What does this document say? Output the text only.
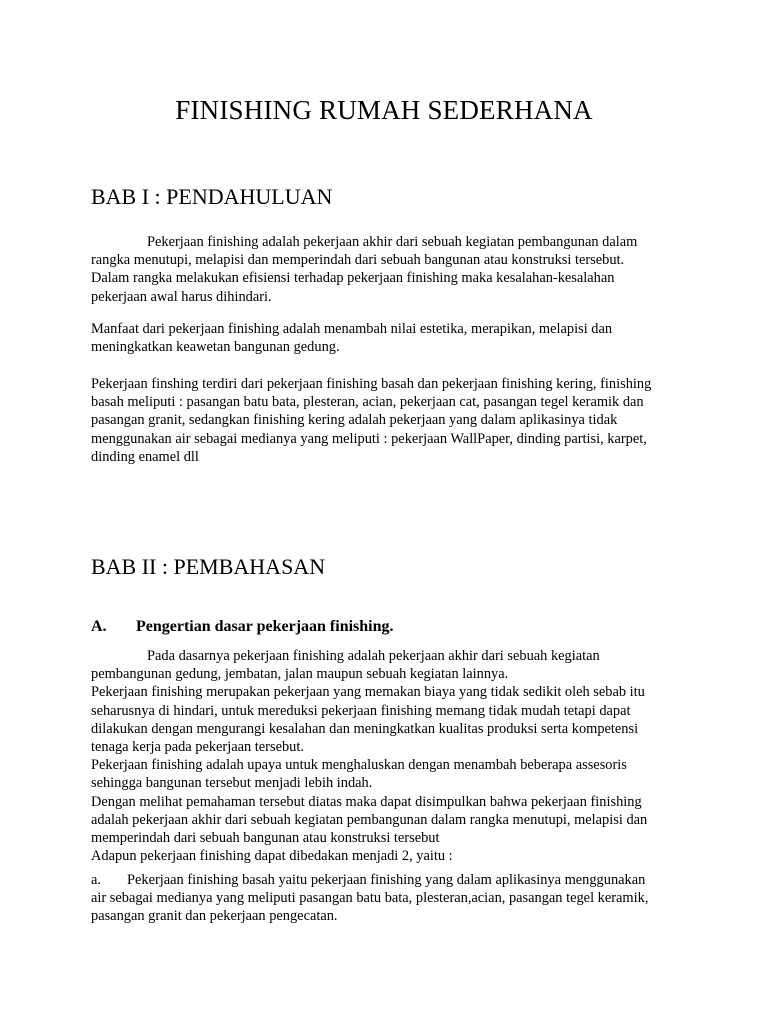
FINISHING RUMAH SEDERHANA
BAB I : PENDAHULUAN

Pekerjaan finishing adalah pekerjaan akhir dari sebuah kegiatan pembangunan dalam
rangka menutupi, melapisi dan memperindah dari sebuah bangunan atau konstruksi tersebut.
Dalam rangka melakukan efisiensi terhadap pekerjaan finishing maka kesalahan-kesalahan
pekerjaan awal harus dihindari.

Manfaat dari pekerjaan finishing adalah menambah nilai estetika, merapikan, melapisi dan
meningkatkan keawetan bangunan gedung.

Pekerjaan finshing terdiri dari pekerjaan finishing basah dan pekerjaan finishing kering, finishing
basah meliputi : pasangan batu bata, plesteran, acian, pekerjaan cat, pasangan tegel keramik dan
pasangan granit, sedangkan finishing kering adalah pekerjaan yang dalam aplikasinya tidak
menggunakan air sebagai medianya yang meliputi : pekerjaan WallPaper, dinding partisi, karpet,
dinding enamel dll

BAB II : PEMBAHASAN
A. Pengertian dasar pekerjaan finishing.

Pada dasarnya pekerjaan finishing adalah pekerjaan akhir dari sebuah kegiatan
pembangunan gedung, jembatan, jalan maupun sebuah kegiatan lainnya.
Pekerjaan finishing merupakan pekerjaan yang memakan biaya yang tidak sedikit oleh sebab itu
seharusnya di hindari, untuk mereduksi pekerjaan finishing memang tidak mudah tetapi dapat
dilakukan dengan mengurangi kesalahan dan meningkatkan kualitas produksi serta kompetensi
tenaga kerja pada pekerjaan tersebut.
Pekerjaan finishing adalah upaya untuk menghaluskan dengan menambah beberapa assesoris
sehingga bangunan tersebut menjadi lebih indah.
Dengan melihat pemahaman tersebut diatas maka dapat disimpulkan bahwa pekerjaan finishing
adalah pekerjaan akhir dari sebuah kegiatan pembangunan dalam rangka menutupi, melapisi dan
memperindah dari sebuah bangunan atau konstruksi tersebut
Adapun pekerjaan finishing dapat dibedakan menjadi 2, yaitu :

a. Pekerjaan finishing basah yaitu pekerjaan finishing yang dalam aplikasinya menggunakan
air sebagai medianya yang meliputi pasangan batu bata, plesteran,acian, pasangan tegel keramik,
pasangan granit dan pekerjaan pengecatan.
